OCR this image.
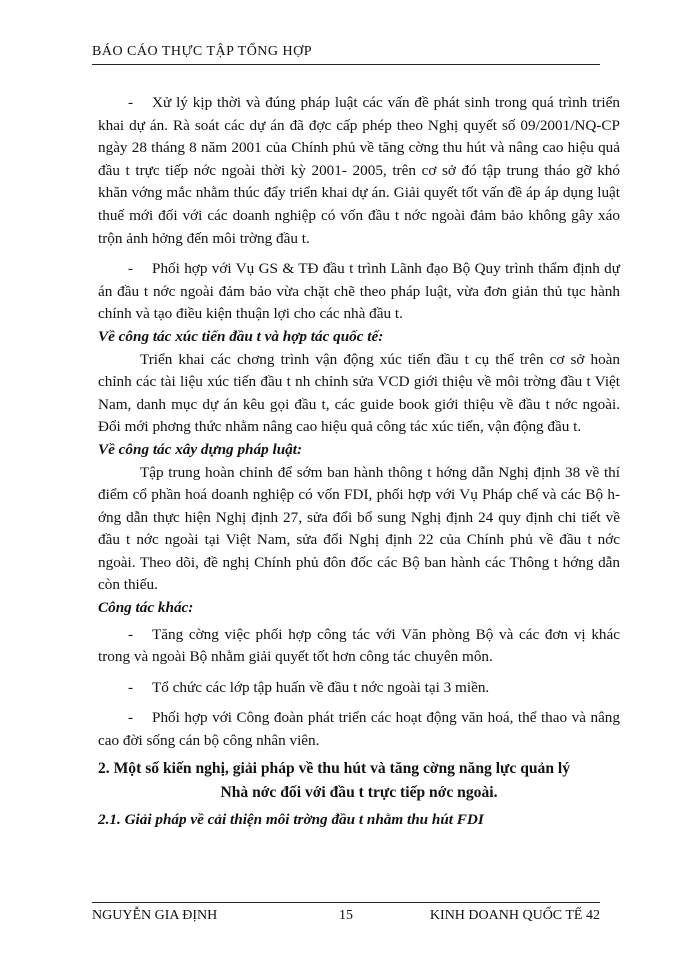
BÁO CÁO THỰC TẬP TỔNG HỢP

- Xử lý kịp thời và đúng pháp luật các vấn đề phát sinh trong quá trình triển khai dự án. Rà soát các dự án đã đợc cấp phép theo Nghị quyết số 09/2001/NQ-CP ngày 28 tháng 8 năm 2001 của Chính phủ về tăng cờng thu hút và nâng cao hiệu quả đầu t trực tiếp nớc ngoài thời kỳ 2001- 2005, trên cơ sở đó tập trung tháo gỡ khó khăn vớng mắc nhằm thúc đẩy triển khai dự án. Giải quyết tốt vấn đề áp áp dụng luật thuế mới đối với các doanh nghiệp có vốn đầu t nớc ngoài đảm bảo không gây xáo trộn ảnh hởng đến môi trờng đầu t.

- Phối hợp với Vụ GS & TĐ đầu t trình Lãnh đạo Bộ Quy trình thẩm định dự án đầu t nớc ngoài đảm bảo vừa chặt chẽ theo pháp luật, vừa đơn giản thủ tục hành chính và tạo điều kiện thuận lợi cho các nhà đầu t.

Về công tác xúc tiến đầu t và hợp tác quốc tế:

Triển khai các chơng trình vận động xúc tiến đầu t cụ thể trên cơ sở hoàn chỉnh các tài liệu xúc tiến đầu t nh chỉnh sửa VCD giới thiệu về môi trờng đầu t Việt Nam, danh mục dự án kêu gọi đầu t, các guide book giới thiệu về đầu t nớc ngoài. Đổi mới phơng thức nhằm nâng cao hiệu quả công tác xúc tiến, vận động đầu t.

Về công tác xây dựng pháp luật:

Tập trung hoàn chỉnh để sớm ban hành thông t hớng dẫn Nghị định 38 về thí điểm cổ phần hoá doanh nghiệp có vốn FDI, phối hợp với Vụ Pháp chế và các Bộ hớng dẫn thực hiện Nghị định 27, sửa đổi bổ sung Nghị định 24 quy định chi tiết về đầu t nớc ngoài tại Việt Nam, sửa đổi Nghị định 22 của Chính phủ về đầu t nớc ngoài. Theo dõi, đề nghị Chính phủ đôn đốc các Bộ ban hành các Thông t hớng dẫn còn thiếu.

Công tác khác:

- Tăng cờng việc phối hợp công tác với Văn phòng Bộ và các đơn vị khác trong và ngoài Bộ nhằm giải quyết tốt hơn công tác chuyên môn.

- Tổ chức các lớp tập huấn về đầu t nớc ngoài tại 3 miền.

- Phối hợp với Công đoàn phát triển các hoạt động văn hoá, thể thao và nâng cao đời sống cán bộ công nhân viên.

2. Một số kiến nghị, giải pháp về thu hút và tăng cờng năng lực quản lý

Nhà nớc đối với đầu t trực tiếp nớc ngoài.

2.1. Giải pháp về cải thiện môi trờng đầu t nhằm thu hút FDI

NGUYỄN GIA ĐỊNH	15	KINH DOANH QUỐC TẾ 42
